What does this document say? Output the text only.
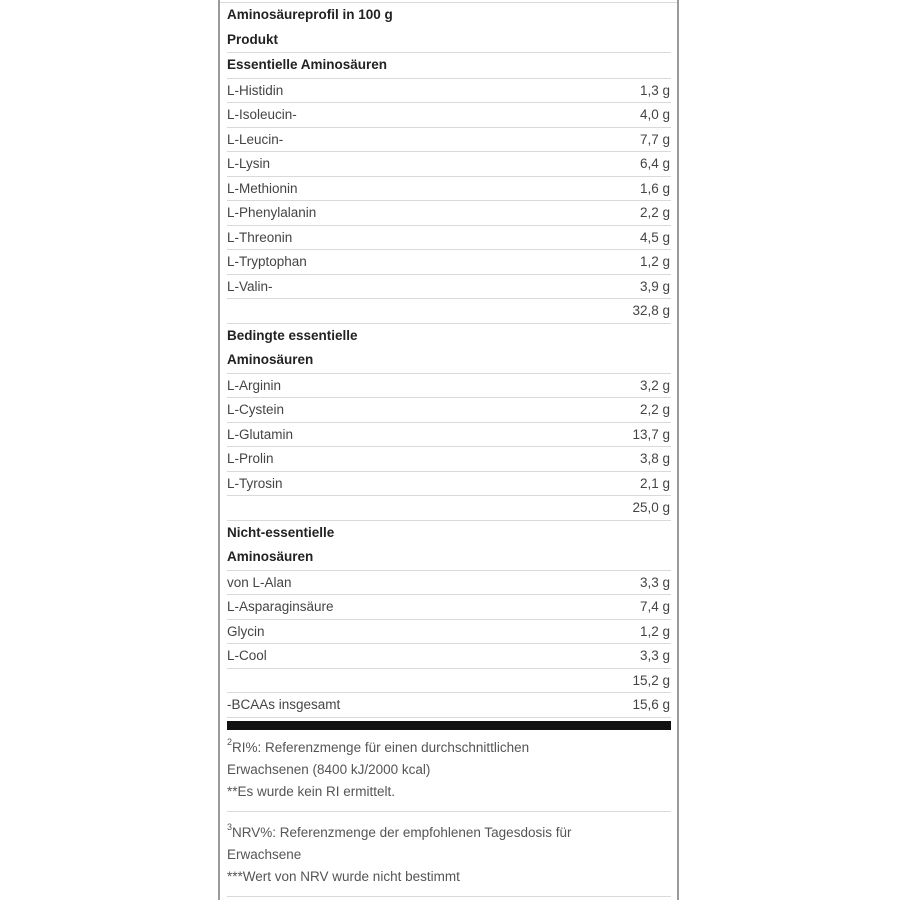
Aminosäureprofil in 100 g
Produkt
Essentielle Aminosäuren
L-Histidin	1,3 g
L-Isoleucin-	4,0 g
L-Leucin-	7,7 g
L-Lysin	6,4 g
L-Methionin	1,6 g
L-Phenylalanin	2,2 g
L-Threonin	4,5 g
L-Tryptophan	1,2 g
L-Valin-	3,9 g
32,8 g
Bedingte essentielle
Aminosäuren
L-Arginin	3,2 g
L-Cystein	2,2 g
L-Glutamin	13,7 g
L-Prolin	3,8 g
L-Tyrosin	2,1 g
25,0 g
Nicht-essentielle
Aminosäuren
von L-Alan	3,3 g
L-Asparaginsäure	7,4 g
Glycin	1,2 g
L-Cool	3,3 g
15,2 g
-BCAAs insgesamt	15,6 g
$^2$RI%: Referenzmenge für einen durchschnittlichen
Erwachsenen (8400 kJ/2000 kcal)
**Es wurde kein RI ermittelt.
$^3$NRV%: Referenzmenge der empfohlenen Tagesdosis für
Erwachsene
***Wert von NRV wurde nicht bestimmt
